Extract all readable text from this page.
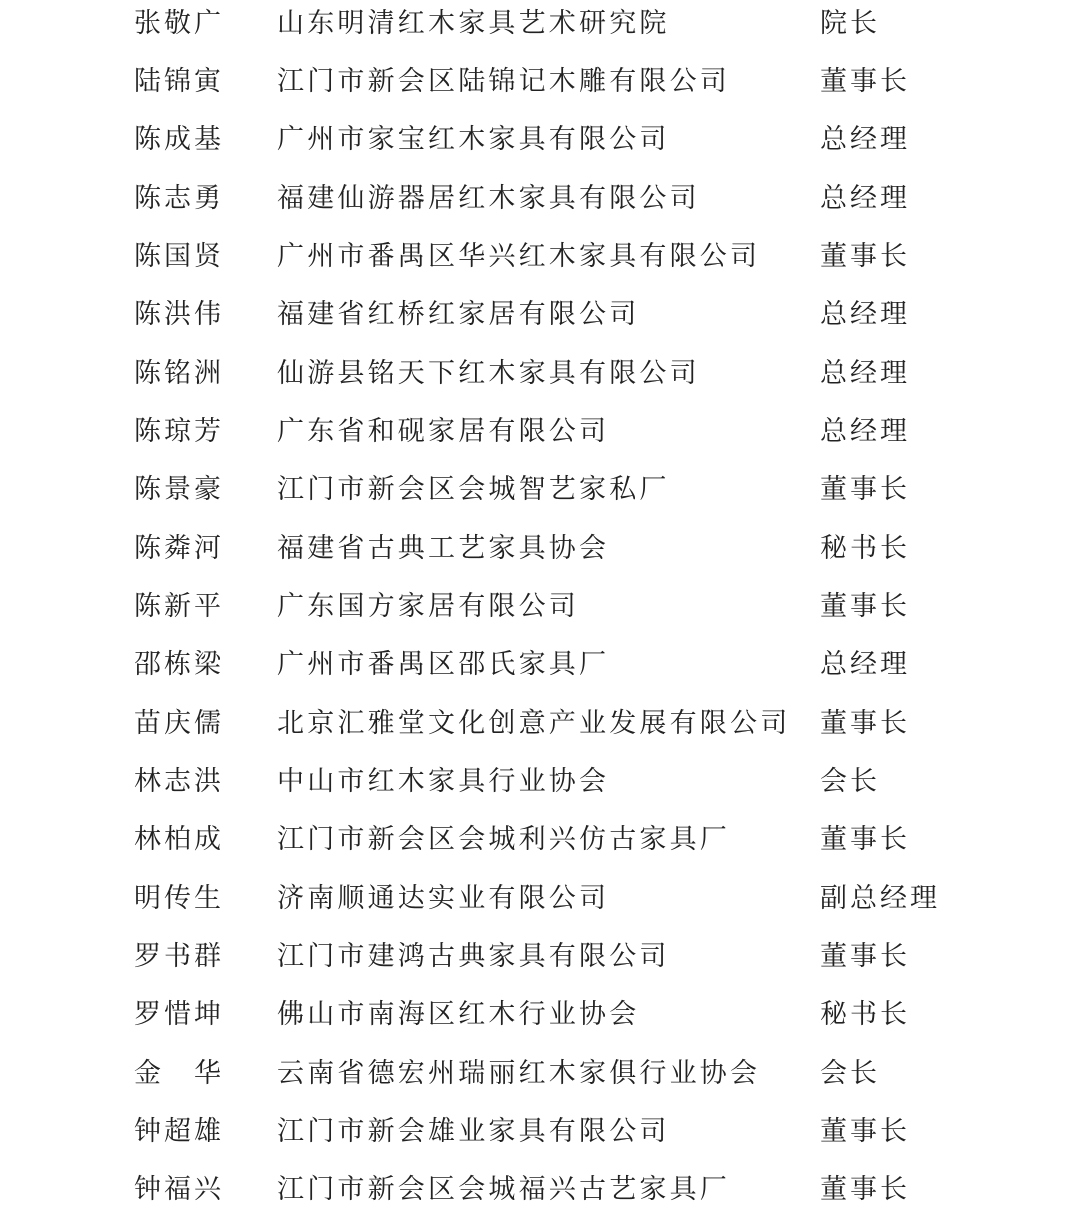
张敬广	山东明清红木家具艺术研究院	院长
陆锦寅	江门市新会区陆锦记木雕有限公司	董事长
陈成基	广州市家宝红木家具有限公司	总经理
陈志勇	福建仙游器居红木家具有限公司	总经理
陈国贤	广州市番禺区华兴红木家具有限公司	董事长
陈洪伟	福建省红桥红家居有限公司	总经理
陈铭洲	仙游县铭天下红木家具有限公司	总经理
陈琼芳	广东省和砚家居有限公司	总经理
陈景豪	江门市新会区会城智艺家私厂	董事长
陈粦河	福建省古典工艺家具协会	秘书长
陈新平	广东国方家居有限公司	董事长
邵栋梁	广州市番禺区邵氏家具厂	总经理
苗庆儒	北京汇雅堂文化创意产业发展有限公司 董事长
林志洪	中山市红木家具行业协会	会长
林柏成	江门市新会区会城利兴仿古家具厂	董事长
明传生	济南顺通达实业有限公司	副总经理
罗书群	江门市建鸿古典家具有限公司	董事长
罗惜坤	佛山市南海区红木行业协会	秘书长
金　华	云南省德宏州瑞丽红木家俱行业协会	会长
钟超雄	江门市新会雄业家具有限公司	董事长
钟福兴	江门市新会区会城福兴古艺家具厂	董事长
